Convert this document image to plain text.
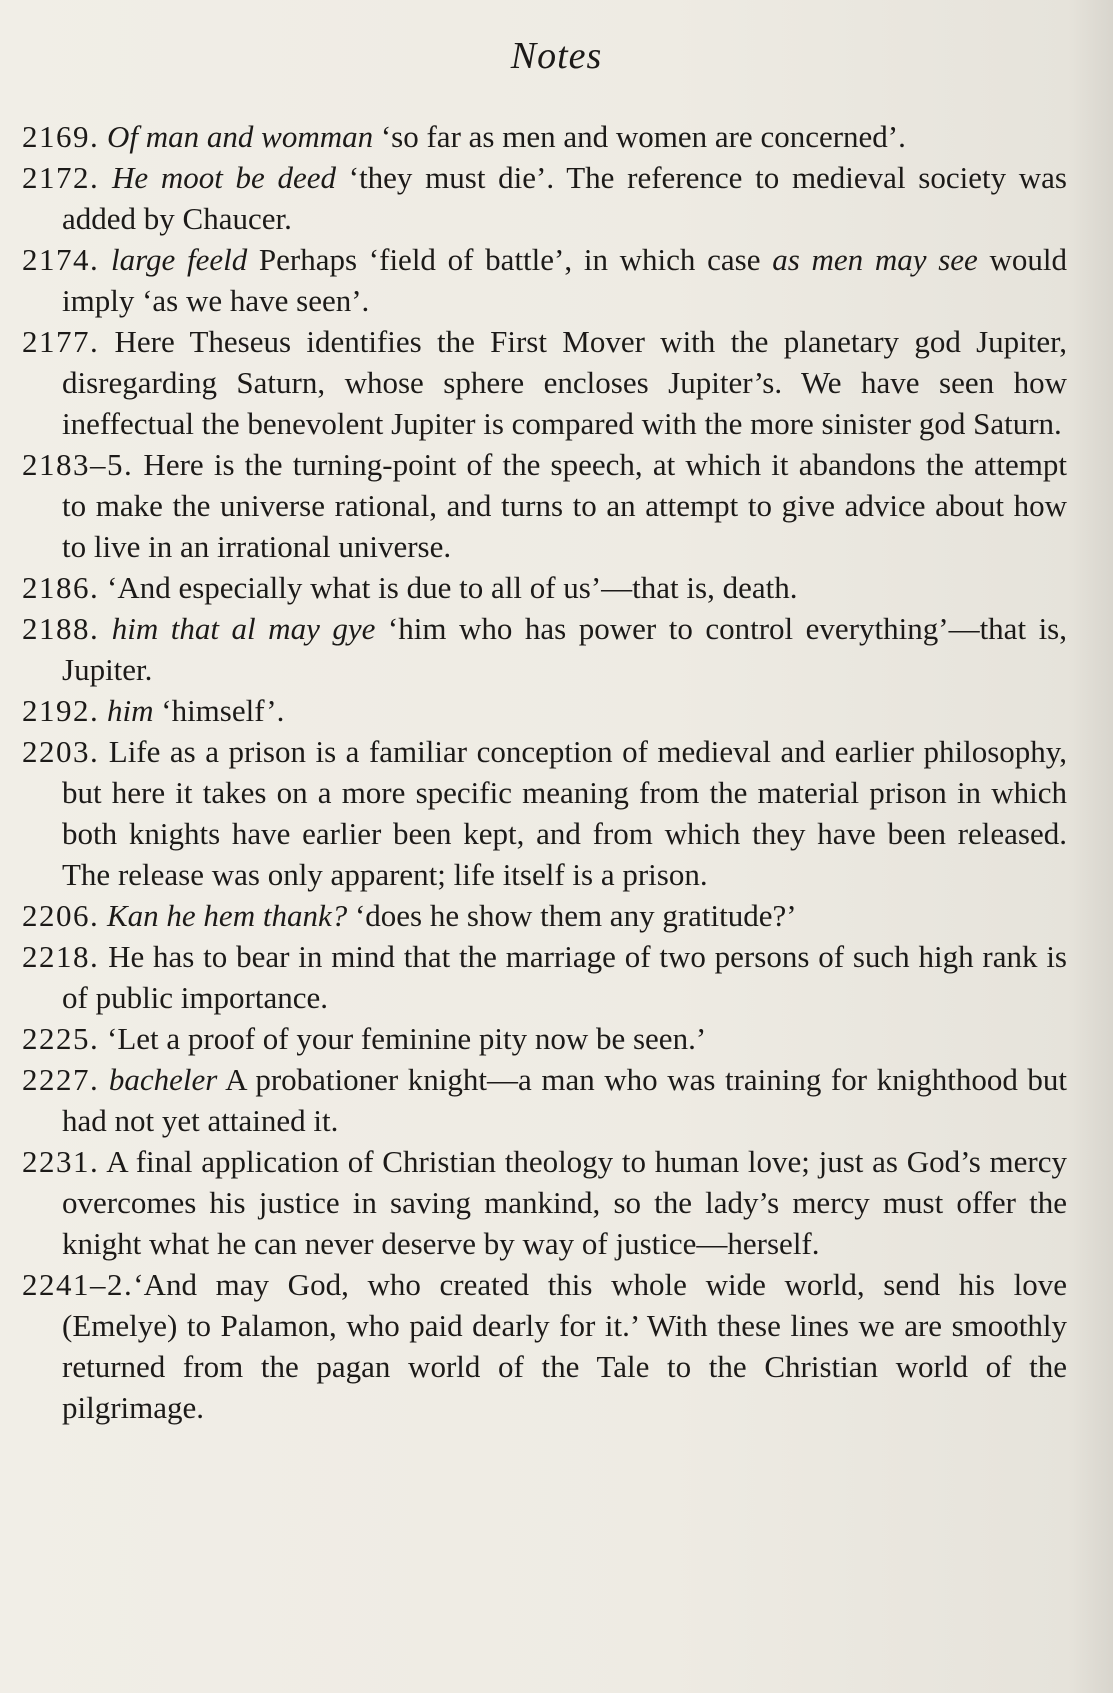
Notes

2169. Of man and womman ‘so far as men and women are concerned’.

2172. He moot be deed ‘they must die’. The reference to medieval society was added by Chaucer.

2174. large feeld Perhaps ‘field of battle’, in which case as men may see would imply ‘as we have seen’.

2177. Here Theseus identifies the First Mover with the planetary god Jupiter, disregarding Saturn, whose sphere encloses Jupiter’s. We have seen how ineffectual the benevolent Jupiter is compared with the more sinister god Saturn.

2183–5. Here is the turning-point of the speech, at which it abandons the attempt to make the universe rational, and turns to an attempt to give advice about how to live in an irrational universe.

2186. ‘And especially what is due to all of us’—that is, death.

2188. him that al may gye ‘him who has power to control everything’—that is, Jupiter.

2192. him ‘himself’.

2203. Life as a prison is a familiar conception of medieval and earlier philosophy, but here it takes on a more specific meaning from the material prison in which both knights have earlier been kept, and from which they have been released. The release was only apparent; life itself is a prison.

2206. Kan he hem thank? ‘does he show them any gratitude?’

2218. He has to bear in mind that the marriage of two persons of such high rank is of public importance.

2225. ‘Let a proof of your feminine pity now be seen.’

2227. bacheler A probationer knight—a man who was training for knighthood but had not yet attained it.

2231. A final application of Christian theology to human love; just as God’s mercy overcomes his justice in saving mankind, so the lady’s mercy must offer the knight what he can never deserve by way of justice—herself.

2241–2.‘And may God, who created this whole wide world, send his love (Emelye) to Palamon, who paid dearly for it.’ With these lines we are smoothly returned from the pagan world of the Tale to the Christian world of the pilgrimage.
